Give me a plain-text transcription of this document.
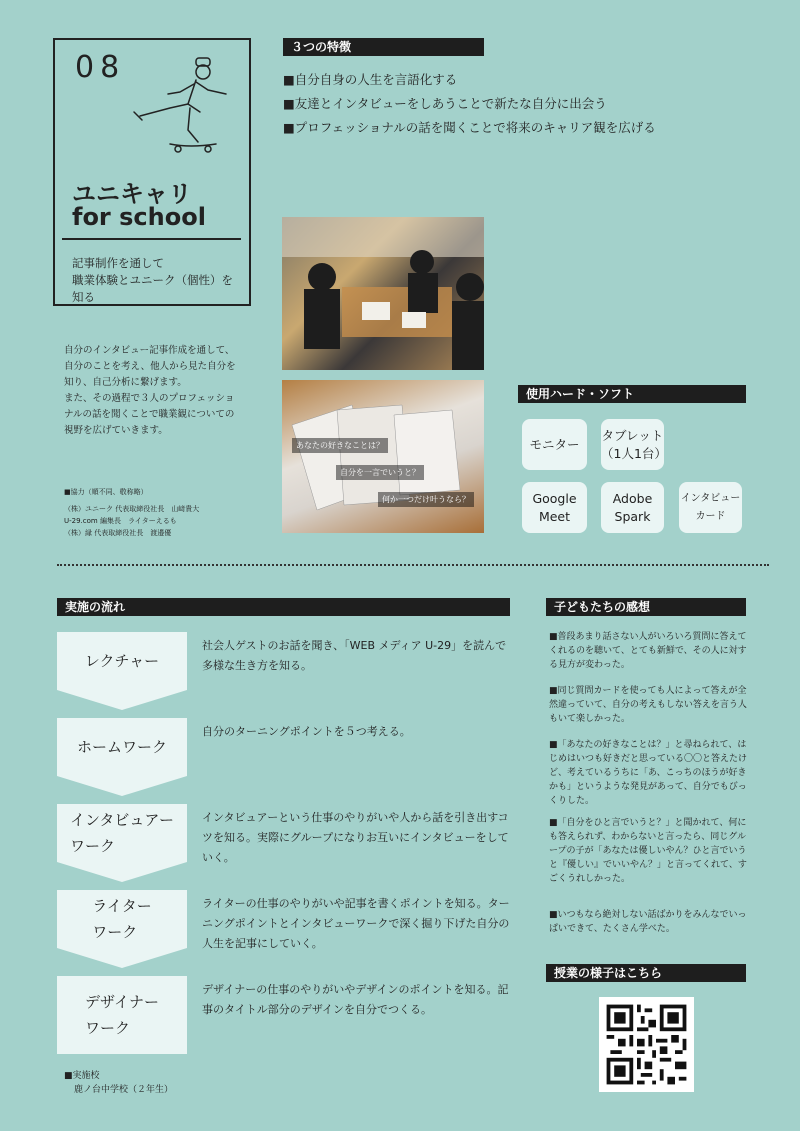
08
ユニキャリ
for school
記事制作を通して
職業体験とユニーク（個性）を
知る
自分のインタビュー記事作成を通して、
自分のことを考え、他人から見た自分を
知り、自己分析に繋げます。
また、その過程で３人のプロフェッショ
ナルの話を聞くことで職業観についての
視野を広げていきます。
■協力（順不同、敬称略）
（株）ユニーク 代表取締役社長　山﨑貴大
U-29.com 編集長　ライターえるも
（株）縁 代表取締役社長　渡邉優
３つの特徴
■自分自身の人生を言語化する
■友達とインタビューをしあうことで新たな自分に出会う
■プロフェッショナルの話を聞くことで将来のキャリア観を広げる
あなたの好きなことは？
自分を一言でいうと？
何か一つだけ叶うなら？
使用ハード・ソフト
モニター
タブレット
（1人1台）
Google
Meet
Adobe
Spark
インタビュー
カード
実施の流れ
レクチャー
社会人ゲストのお話を聞き、「WEB メディア U-29」を読んで多様な生き方を知る。
ホームワーク
自分のターニングポイントを５つ考える。
インタビュアー
ワーク
インタビュアーという仕事のやりがいや人から話を引き出すコツを知る。実際にグループになりお互いにインタビューをしていく。
ライター
ワーク
ライターの仕事のやりがいや記事を書くポイントを知る。ターニングポイントとインタビューワークで深く掘り下げた自分の人生を記事にしていく。
デザイナー
ワーク
デザイナーの仕事のやりがいやデザインのポイントを知る。記事のタイトル部分のデザインを自分でつくる。
子どもたちの感想
■普段あまり話さない人がいろいろ質問に答えてくれるのを聴いて、とても新鮮で、その人に対する見方が変わった。
■同じ質問カードを使っても人によって答えが全然違っていて、自分の考えもしない答えを言う人もいて楽しかった。
■「あなたの好きなことは？」と尋ねられて、はじめはいつも好きだと思っている〇〇と答えたけど、考えているうちに「あ、こっちのほうが好きかも」というような発見があって、自分でもびっくりした。
■「自分をひと言でいうと？」と聞かれて、何にも答えられず、わからないと言ったら、同じグループの子が「あなたは優しいやん？ひと言でいうと『優しい』でいいやん？」と言ってくれて、すごくうれしかった。
■いつもなら絶対しない話ばかりをみんなでいっぱいできて、たくさん学べた。
授業の様子はこちら
■実施校
鹿ノ台中学校（２年生）
